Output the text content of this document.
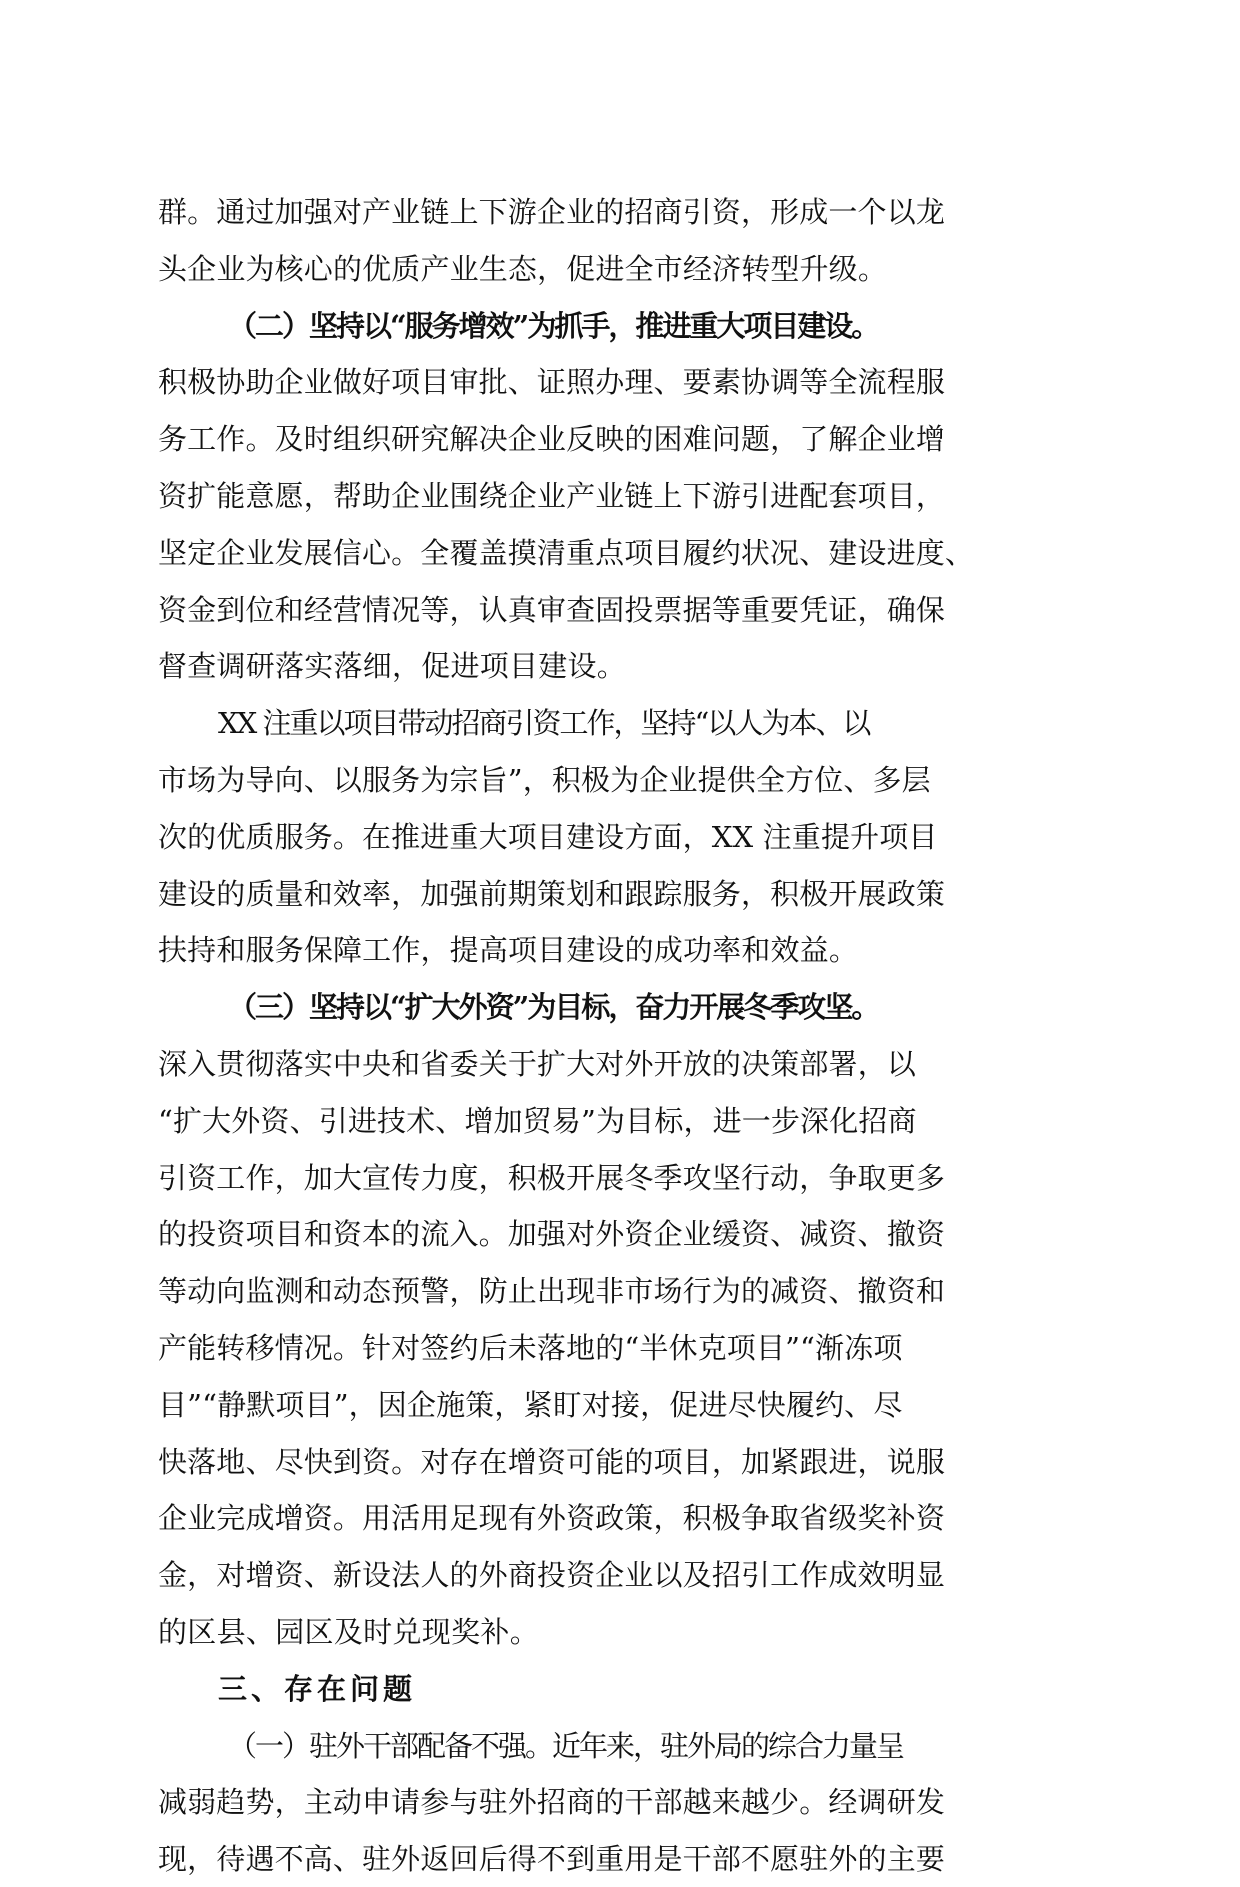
群。通过加强对产业链上下游企业的招商引资，形成一个以龙
头企业为核心的优质产业生态，促进全市经济转型升级。
（二）坚持以“服务增效”为抓手，推进重大项目建设。
积极协助企业做好项目审批、证照办理、要素协调等全流程服
务工作。及时组织研究解决企业反映的困难问题，了解企业增
资扩能意愿，帮助企业围绕企业产业链上下游引进配套项目，
坚定企业发展信心。全覆盖摸清重点项目履约状况、建设进度、
资金到位和经营情况等，认真审查固投票据等重要凭证，确保
督查调研落实落细，促进项目建设。
XX 注重以项目带动招商引资工作，坚持“以人为本、以
市场为导向、以服务为宗旨”，积极为企业提供全方位、多层
次的优质服务。在推进重大项目建设方面，XX 注重提升项目
建设的质量和效率，加强前期策划和跟踪服务，积极开展政策
扶持和服务保障工作，提高项目建设的成功率和效益。
（三）坚持以“扩大外资”为目标，奋力开展冬季攻坚。
深入贯彻落实中央和省委关于扩大对外开放的决策部署，以
“扩大外资、引进技术、增加贸易”为目标，进一步深化招商
引资工作，加大宣传力度，积极开展冬季攻坚行动，争取更多
的投资项目和资本的流入。加强对外资企业缓资、减资、撤资
等动向监测和动态预警，防止出现非市场行为的减资、撤资和
产能转移情况。针对签约后未落地的“半休克项目”“渐冻项
目”“静默项目”，因企施策，紧盯对接，促进尽快履约、尽
快落地、尽快到资。对存在增资可能的项目，加紧跟进，说服
企业完成增资。用活用足现有外资政策，积极争取省级奖补资
金，对增资、新设法人的外商投资企业以及招引工作成效明显
的区县、园区及时兑现奖补。
三、存在问题
（一）驻外干部配备不强。近年来，驻外局的综合力量呈
减弱趋势，主动申请参与驻外招商的干部越来越少。经调研发
现，待遇不高、驻外返回后得不到重用是干部不愿驻外的主要
